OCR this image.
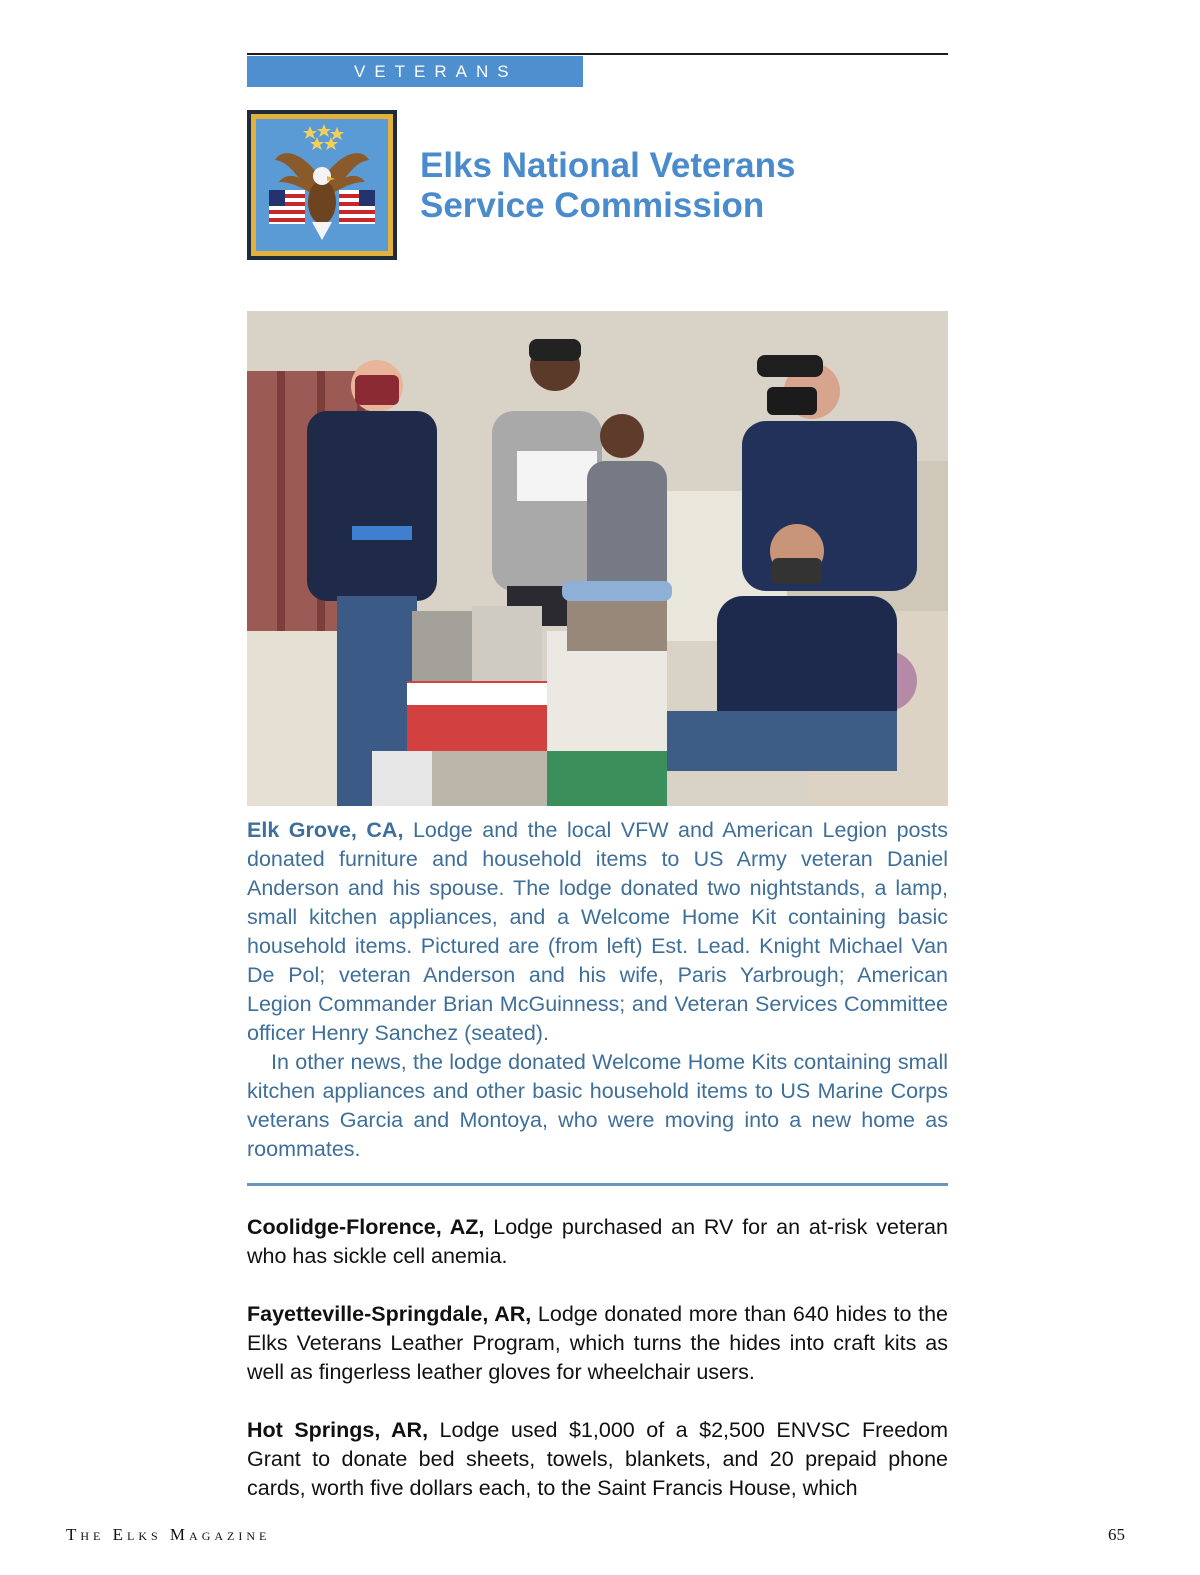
VETERANS
Elks National Veterans
Service Commission

Elk Grove, CA, Lodge and the local VFW and American Legion posts donated furniture and household items to US Army veteran Daniel Anderson and his spouse. The lodge donated two nightstands, a lamp, small kitchen appliances, and a Welcome Home Kit containing basic household items. Pictured are (from left) Est. Lead. Knight Michael Van De Pol; veteran Anderson and his wife, Paris Yarbrough; American Legion Commander Brian McGuinness; and Veteran Services Committee officer Henry Sanchez (seated).

In other news, the lodge donated Welcome Home Kits containing small kitchen appliances and other basic household items to US Marine Corps veterans Garcia and Montoya, who were moving into a new home as roommates.

Coolidge-Florence, AZ, Lodge purchased an RV for an at-risk veteran who has sickle cell anemia.

Fayetteville-Springdale, AR, Lodge donated more than 640 hides to the Elks Veterans Leather Program, which turns the hides into craft kits as well as fingerless leather gloves for wheelchair users.

Hot Springs, AR, Lodge used $1,000 of a $2,500 ENVSC Freedom Grant to donate bed sheets, towels, blankets, and 20 prepaid phone cards, worth five dollars each, to the Saint Francis House, which

The Elks Magazine	65
